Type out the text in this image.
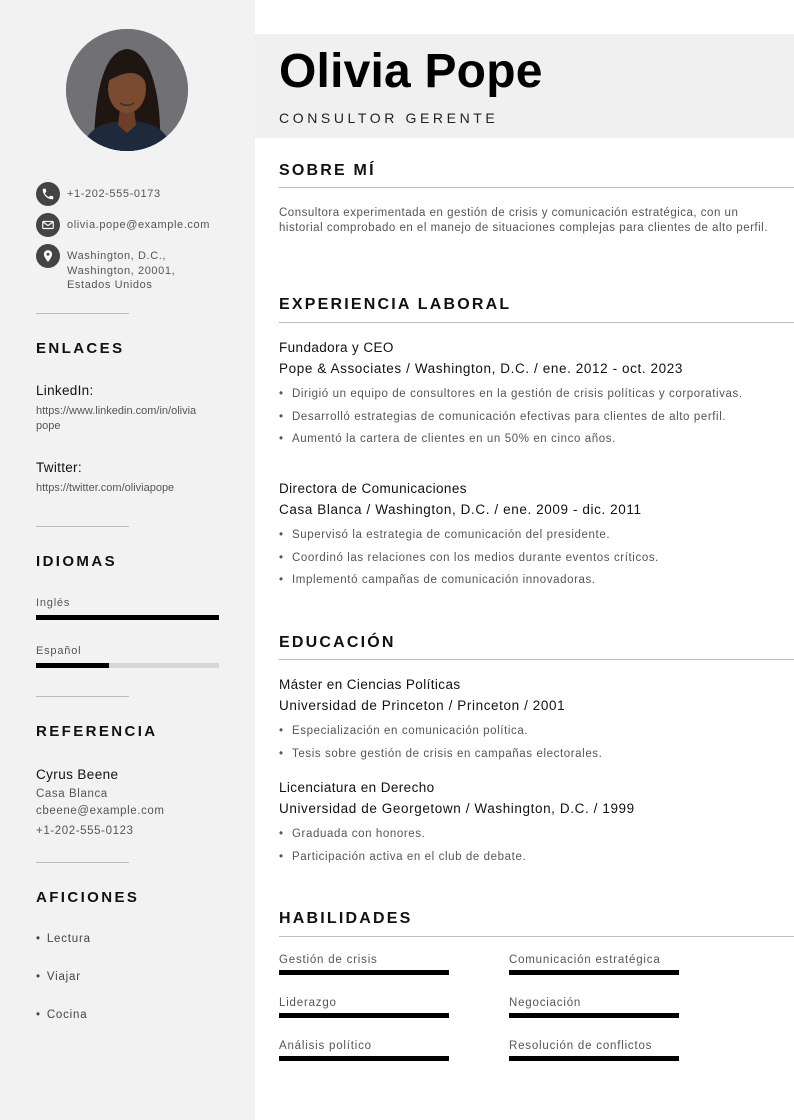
+1-202-555-0173
olivia.pope@example.com
Washington, D.C.,
Washington, 20001,
Estados Unidos
ENLACES
LinkedIn:
https://www.linkedin.com/in/olivia
pope
Twitter:
https://twitter.com/oliviapope
IDIOMAS
Inglés
Español
REFERENCIA
Cyrus Beene
Casa Blanca
cbeene@example.com
+1-202-555-0123
AFICIONES
• Lectura
• Viajar
• Cocina
Olivia Pope
CONSULTOR GERENTE
SOBRE MÍ
Consultora experimentada en gestión de crisis y comunicación estratégica, con un historial comprobado en el manejo de situaciones complejas para clientes de alto perfil.
EXPERIENCIA LABORAL
Fundadora y CEO
Pope & Associates / Washington, D.C. / ene. 2012 - oct. 2023
• Dirigió un equipo de consultores en la gestión de crisis políticas y corporativas.
• Desarrolló estrategias de comunicación efectivas para clientes de alto perfil.
• Aumentó la cartera de clientes en un 50% en cinco años.
Directora de Comunicaciones
Casa Blanca / Washington, D.C. / ene. 2009 - dic. 2011
• Supervisó la estrategia de comunicación del presidente.
• Coordinó las relaciones con los medios durante eventos críticos.
• Implementó campañas de comunicación innovadoras.
EDUCACIÓN
Máster en Ciencias Políticas
Universidad de Princeton / Princeton / 2001
• Especialización en comunicación política.
• Tesis sobre gestión de crisis en campañas electorales.
Licenciatura en Derecho
Universidad de Georgetown / Washington, D.C. / 1999
• Graduada con honores.
• Participación activa en el club de debate.
HABILIDADES
Gestión de crisis	Comunicación estratégica
Liderazgo	Negociación
Análisis político	Resolución de conflictos
